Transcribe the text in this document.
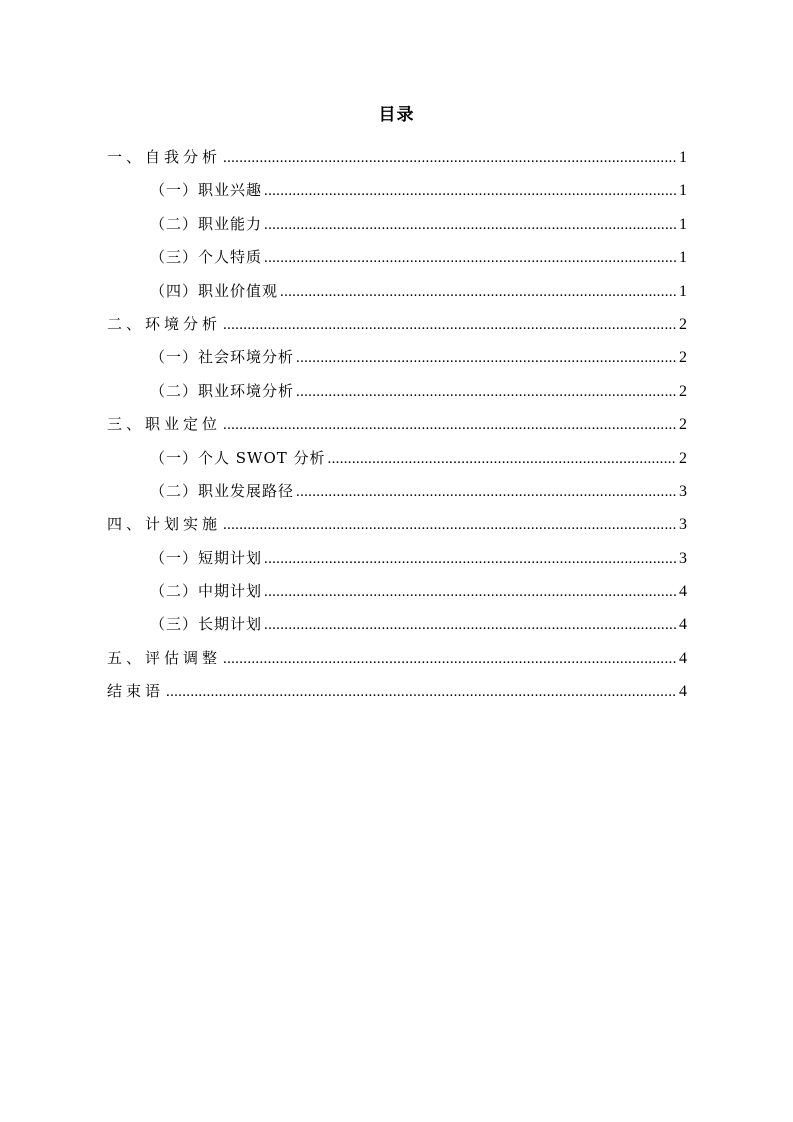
目录
一、自我分析 .....	1
（一）职业兴趣 .....	1
（二）职业能力 .....	1
（三）个人特质 .....	1
（四）职业价值观 .....	1
二、环境分析 .....	2
（一）社会环境分析 .....	2
（二）职业环境分析 .....	2
三、职业定位 .....	2
（一）个人 SWOT 分析 .....	2
（二）职业发展路径 .....	3
四、计划实施 .....	3
（一）短期计划 .....	3
（二）中期计划 .....	4
（三）长期计划 .....	4
五、评估调整 .....	4
结束语 .....	4
